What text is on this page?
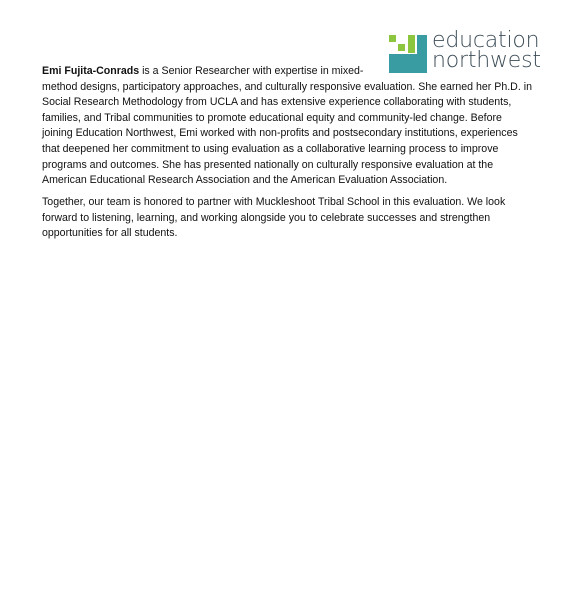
education
northwest
Emi Fujita-Conrads is a Senior Researcher with expertise in mixed-
method designs, participatory approaches, and culturally responsive evaluation. She earned her Ph.D. in
Social Research Methodology from UCLA and has extensive experience collaborating with students,
families, and Tribal communities to promote educational equity and community-led change. Before
joining Education Northwest, Emi worked with non-profits and postsecondary institutions, experiences
that deepened her commitment to using evaluation as a collaborative learning process to improve
programs and outcomes. She has presented nationally on culturally responsive evaluation at the
American Educational Research Association and the American Evaluation Association.
Together, our team is honored to partner with Muckleshoot Tribal School in this evaluation. We look
forward to listening, learning, and working alongside you to celebrate successes and strengthen
opportunities for all students.
